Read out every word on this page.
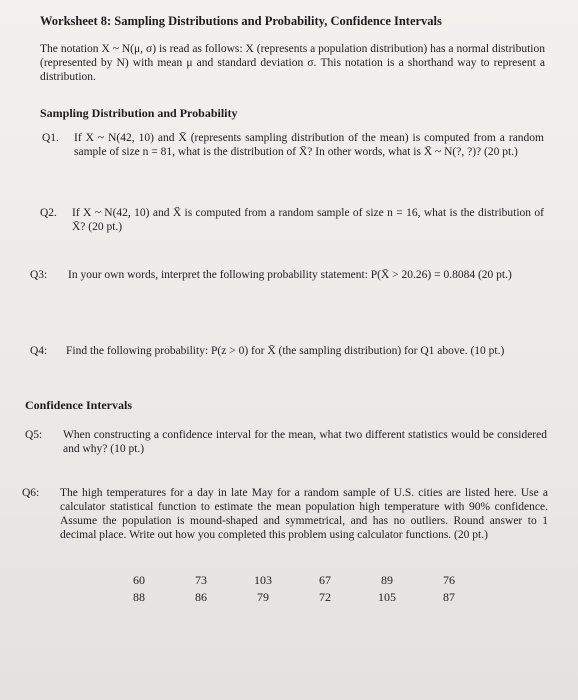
Worksheet 8: Sampling Distributions and Probability, Confidence Intervals
The notation X ~ N(μ, σ) is read as follows: X (represents a population distribution) has a normal distribution (represented by N) with mean μ and standard deviation σ. This notation is a shorthand way to represent a distribution.
Sampling Distribution and Probability
Q1.	If X ~ N(42, 10) and X̄ (represents sampling distribution of the mean) is computed from a random sample of size n = 81, what is the distribution of X̄? In other words, what is X̄ ~ N(?, ?)? (20 pt.)
Q2.	If X ~ N(42, 10) and X̄ is computed from a random sample of size n = 16, what is the distribution of X̄? (20 pt.)
Q3:	In your own words, interpret the following probability statement: P(X̄ > 20.26) = 0.8084 (20 pt.)
Q4:	Find the following probability: P(z > 0) for X̄ (the sampling distribution) for Q1 above. (10 pt.)
Confidence Intervals
Q5:	When constructing a confidence interval for the mean, what two different statistics would be considered and why? (10 pt.)
Q6:	The high temperatures for a day in late May for a random sample of U.S. cities are listed here. Use a calculator statistical function to estimate the mean population high temperature with 90% confidence. Assume the population is mound-shaped and symmetrical, and has no outliers. Round answer to 1 decimal place. Write out how you completed this problem using calculator functions. (20 pt.)
60	73	103	67	89	76
88	86	79	72	105	87
